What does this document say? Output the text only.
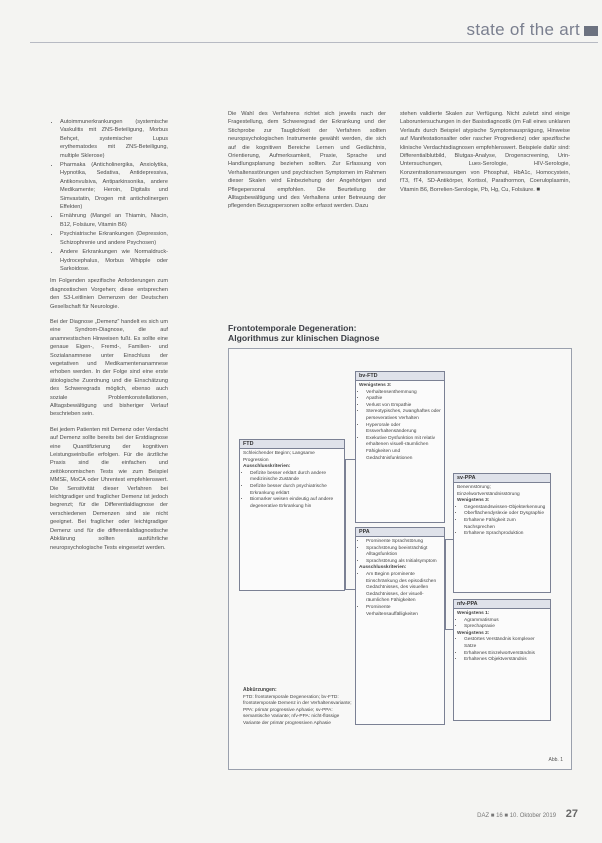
state of the art
• Autoimmunerkrankungen (systemische Vaskulitis mit ZNS-Beteiligung, Morbus Behçet, systemischer Lupus erythematodes mit ZNS-Beteiligung, multiple Sklerose)
• Pharmaka (Anticholinergika, Anxiolytika, Hypnotika, Sedativa, Antidepressiva, Antikonvulsiva, Antiparkinsonika, andere Medikamente; Heroin, Digitalis und Simvastatin, Drogen mit anticholinergen Effekten)
• Ernährung (Mangel an Thiamin, Niacin, B12, Folsäure, Vitamin B6)
• Psychiatrische Erkrankungen (Depression, Schizophrenie und andere Psychosen)
• Andere Erkrankungen wie Normaldruck-Hydrocephalus, Morbus Whipple oder Sarkoidose.

Im Folgenden spezifische Anforderungen zum diagnostischen Vorgehen; diese entsprechen den S3-Leitlinien Demenzen der Deutschen Gesellschaft für Neurologie.

Bei der Diagnose „Demenz“ handelt es sich um eine Syndrom-Diagnose, die auf anamnestischen Hinweisen fußt. Es sollte eine genaue Eigen-, Fremd-, Familien- und Sozialanamnese unter Einschluss der vegetativen und Medikamentenanamnese erhoben werden. In der Folge sind eine erste ätiologische Zuordnung und die Einschätzung des Schweregrads möglich, ebenso auch soziale Problemkonstellationen, Alltagsbewältigung und bisheriger Verlauf beschrieben sein.

Bei jedem Patienten mit Demenz oder Verdacht auf Demenz sollte bereits bei der Erstdiagnose eine Quantifizierung der kognitiven Leistungseinbuße erfolgen. Für die ärztliche Praxis sind die einfachen und zeitökonomischen Tests wie zum Beispiel MMSE, MoCA oder Uhrentest empfehlenswert. Die Sensitivität dieser Verfahren bei leichtgradiger und fraglicher Demenz ist jedoch begrenzt; für die Differentialdiagnose der verschiedenen Demenzen sind sie nicht geeignet. Bei fraglicher oder leichtgradiger Demenz und für die differentialdiagnostische Abklärung sollten ausführliche neuropsychologische Tests eingesetzt werden.

Die Wahl des Verfahrens richtet sich jeweils nach der Fragestellung, dem Schweregrad der Erkrankung und der Stichprobe zur Tauglichkeit der Verfahren sollten neuropsychologischen Instrumente gewählt werden, die sich auf die kognitiven Bereiche Lernen und Gedächtnis, Orientierung, Aufmerksamkeit, Praxie, Sprache und Handlungsplanung beziehen sollten. Zur Erfassung von Verhaltensstörungen und psychischen Symptomen im Rahmen dieser Skalen wird Einbeziehung der Angehörigen und Pflegepersonal empfohlen. Die Beurteilung der Alltagsbewältigung und des Verhaltens unter Betreuung der pflegenden Bezugspersonen sollte erfasst werden. Dazu

stehen validierte Skalen zur Verfügung. Nicht zuletzt sind einige Laboruntersuchungen in der Basisdiagnostik (im Fall eines unklaren Verlaufs durch Beispiel atypische Symptomausprägung, Hinweise auf Manifestationsalter oder rascher Progredienz) oder spezifische klinische Verdachtsdiagnosen empfehlenswert. Beispiele dafür sind: Differentialblutbild, Blutgas-Analyse, Drogenscreening, Urin-Untersuchungen, Lues-Serologie, HIV-Serologie, Konzentrationsmessungen von Phosphat, HbA1c, Homocystein, fT3, fT4, SD-Antikörper, Kortisol, Parathormon, Coeruloplasmin, Vitamin B6, Borrelien-Serologie, Pb, Hg, Cu, Folsäure. ■

Frontotemporale Degeneration: Algorithmus zur klinischen Diagnose
FTD
Schleichender Beginn; Langsame Progression
Ausschlusskriterien:
• Defizite besser erklärt durch andere medizinische Zustände
• Defizite besser durch psychiatrische Erkrankung erklärt
• Biomarker weisen eindeutig auf andere degenerative Erkrankung hin
bv-FTD
Wenigstens 3:
• Verhaltensenthemmung
• Apathie
• Verlust von Empathie
• Stereotypisches, zwanghaftes oder perseveratives Verhalten
• Hyperorale oder Essverhaltensänderung
• Exekutive Dysfunktion mit relativ erhaltenen visuell-räumlichen Fähigkeiten und Gedächtnisfunktionen
PPA
• Prominente Sprachstörung
• Sprachstörung beeinträchtigt Alltagsfunktion
• Sprachstörung als Initialsymptom
Ausschlusskriterien:
• Am Beginn prominente Einschränkung des episodischen Gedächtnisses, des visuellen Gedächtnisses, der visuell-räumlichen Fähigkeiten
• Prominente Verhaltensauffälligkeiten
sv-PPA
Benennstörung; Einzelwortverständnisstörung
Wenigstens 3:
• Gegenstandswissen-Objekterkennung
• Oberflächendyslexie oder Dysgraphie
• Erhaltene Fähigkeit zum Nachsprechen
• Erhaltene Sprachproduktion
nfv-PPA
Wenigstens 1:
• Agrammatismus
• Sprechapraxie
Wenigstens 2:
• Gestörtes Verständnis komplexer Sätze
• Erhaltenes Einzelwortverständnis
• Erhaltenes Objektverständnis
Abkürzungen:
FTD: frontotemporale Degeneration; bv-FTD: frontotemporale Demenz in der Verhaltensvariante; PPA: primär progressive Aphasie; sv-PPA: semantische Variante; nfv-PPA: nicht-flüssige Variante der primär progressiven Aphasie
Abb. 1
DAZ ■ 16 ■ 10. Oktober 2019 27
